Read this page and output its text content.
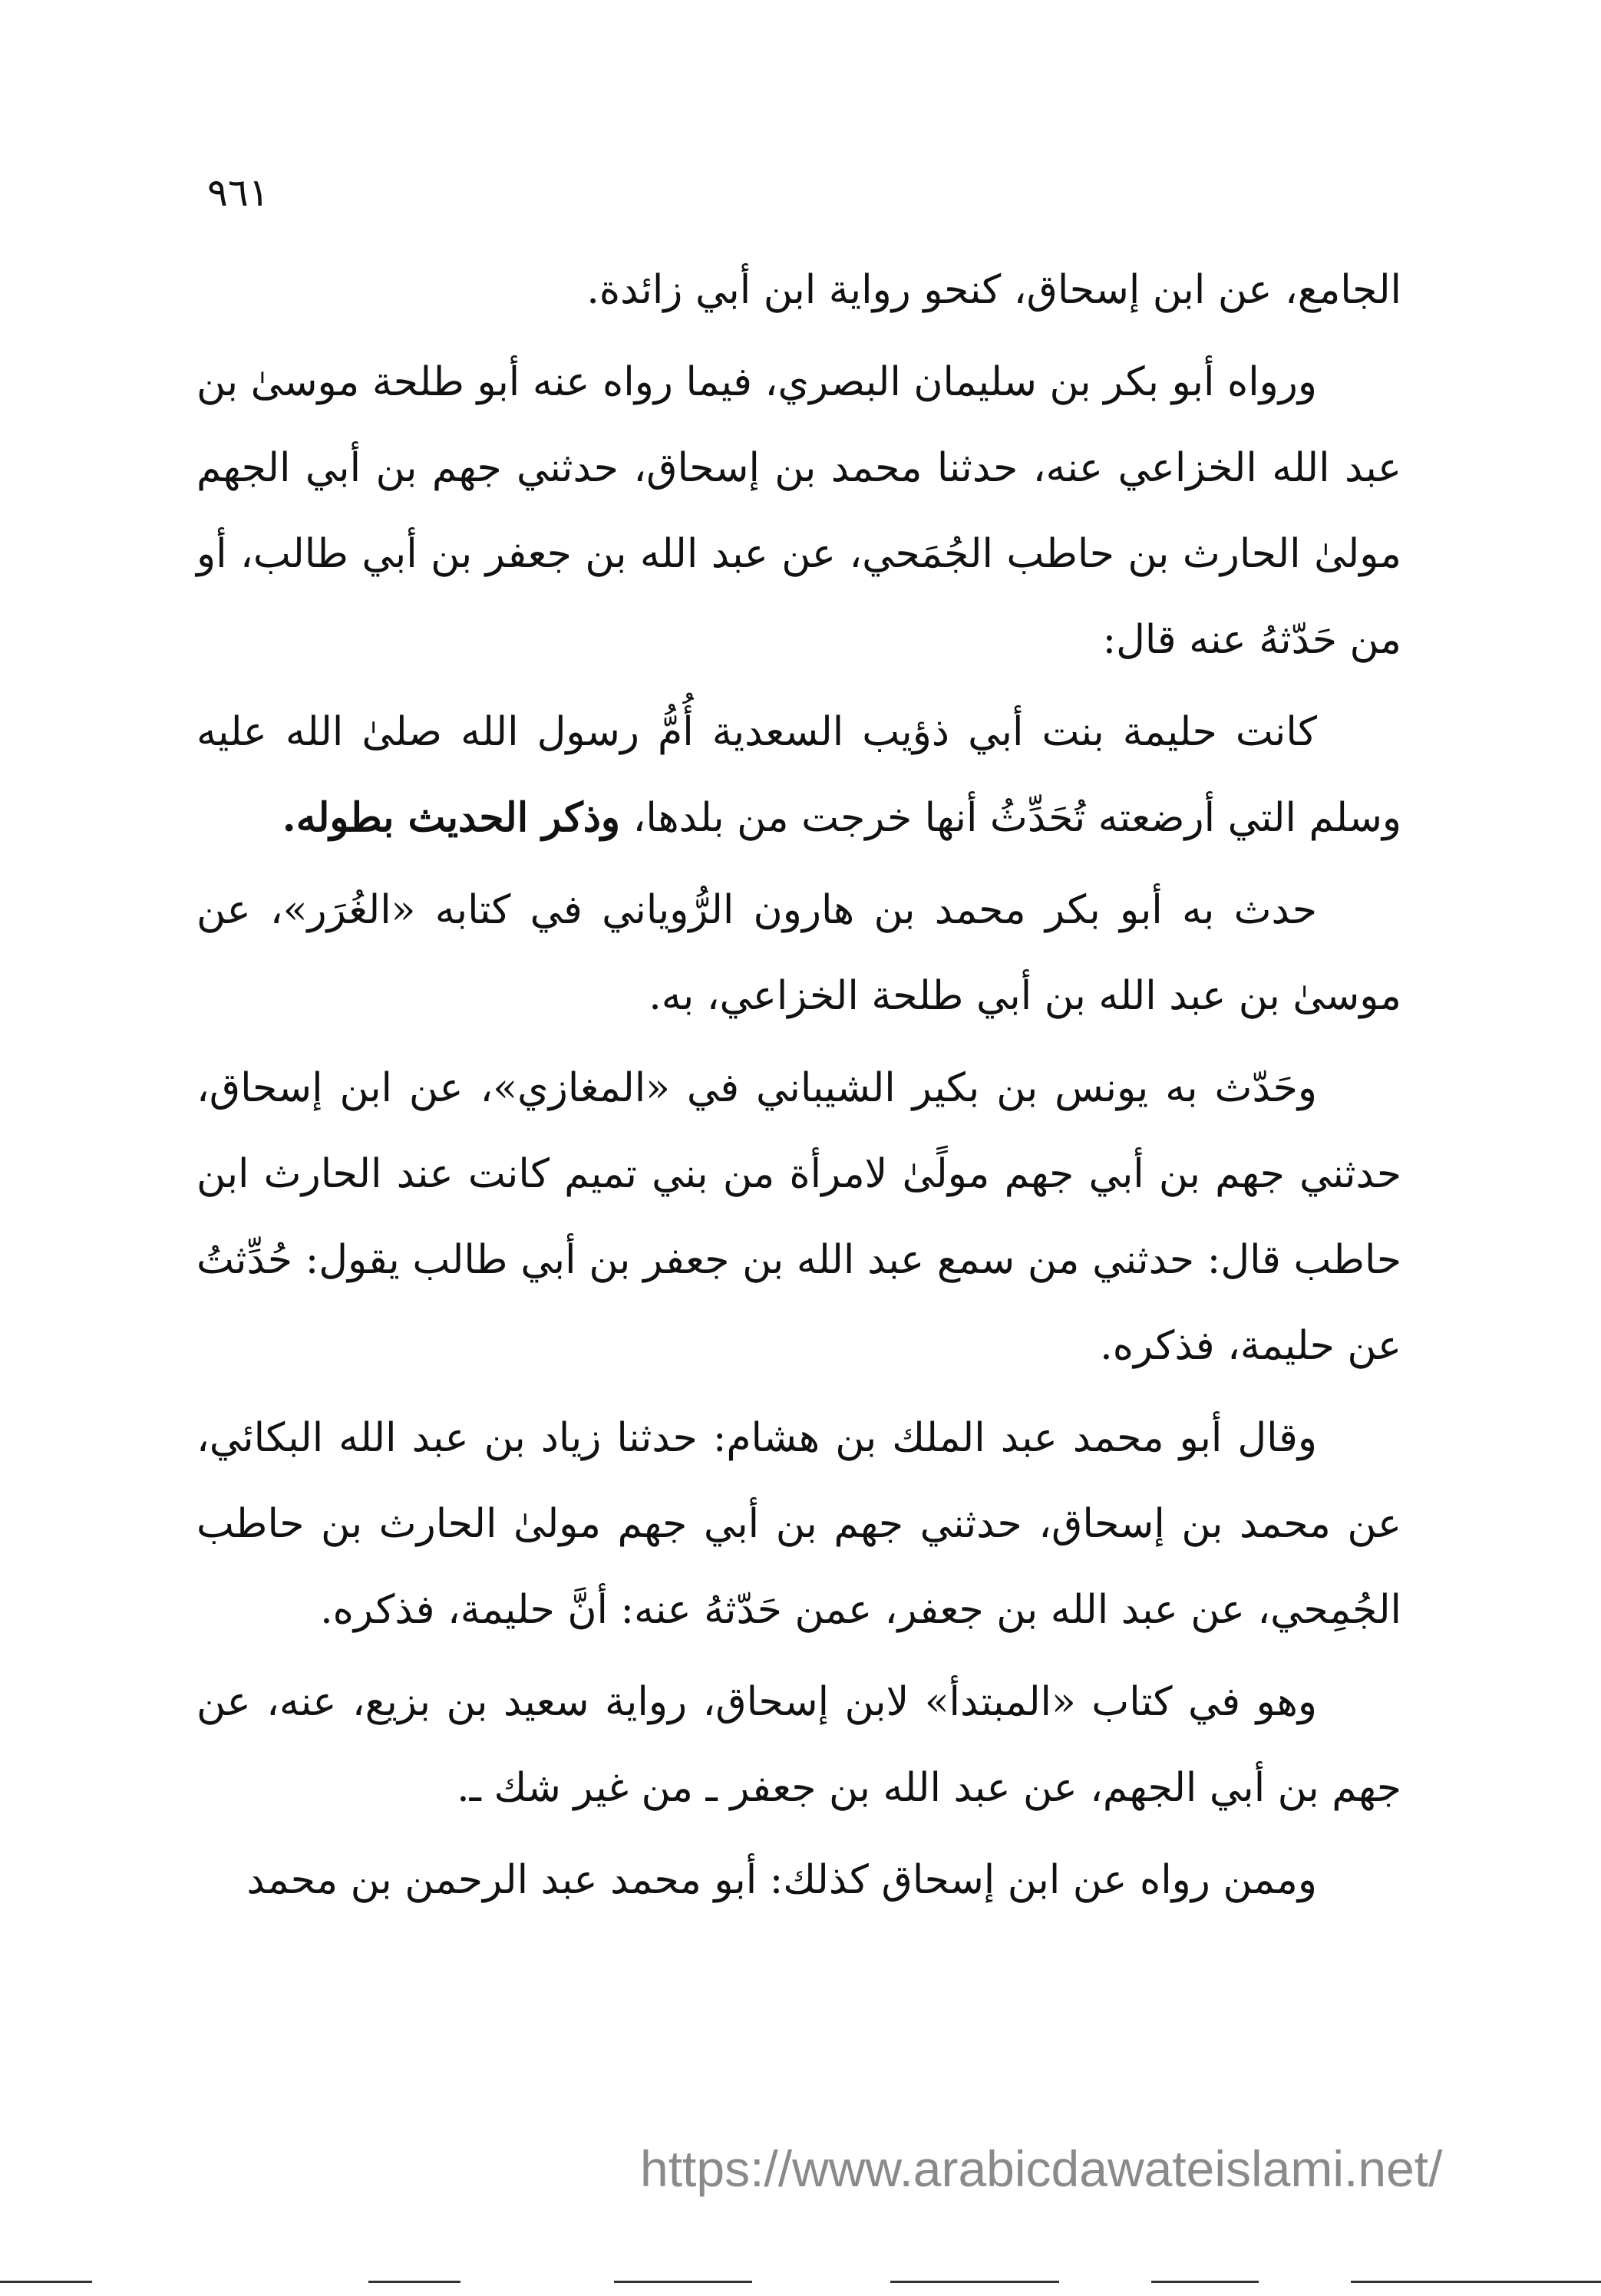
٩٦١

الجامع، عن ابن إسحاق، كنحو رواية ابن أبي زائدة.

ورواه أبو بكر بن سليمان البصري، فيما رواه عنه أبو طلحة موسىٰ بن عبد الله الخزاعي عنه، حدثنا محمد بن إسحاق، حدثني جهم بن أبي الجهم مولىٰ الحارث بن حاطب الجُمَحي، عن عبد الله بن جعفر بن أبي طالب، أو من حَدّثهُ عنه قال:

كانت حليمة بنت أبي ذؤيب السعدية أُمُّ رسول الله صلىٰ الله عليه وسلم التي أرضعته تُحَدِّثُ أنها خرجت من بلدها، وذكر الحديث بطوله.

حدث به أبو بكر محمد بن هارون الرُّوياني في كتابه «الغُرَر»، عن موسىٰ بن عبد الله بن أبي طلحة الخزاعي، به.

وحَدّث به يونس بن بكير الشيباني في «المغازي»، عن ابن إسحاق، حدثني جهم بن أبي جهم مولًىٰ لامرأة من بني تميم كانت عند الحارث ابن حاطب قال: حدثني من سمع عبد الله بن جعفر بن أبي طالب يقول: حُدِّثتُ عن حليمة، فذكره.

وقال أبو محمد عبد الملك بن هشام: حدثنا زياد بن عبد الله البكائي، عن محمد بن إسحاق، حدثني جهم بن أبي جهم مولىٰ الحارث بن حاطب الجُمِحي، عن عبد الله بن جعفر، عمن حَدّثهُ عنه: أنَّ حليمة، فذكره.

وهو في كتاب «المبتدأ» لابن إسحاق، رواية سعيد بن بزيع، عنه، عن جهم بن أبي الجهم، عن عبد الله بن جعفر ـ من غير شك ـ.

وممن رواه عن ابن إسحاق كذلك: أبو محمد عبد الرحمن بن محمد

https://www.arabicdawateislami.net/
